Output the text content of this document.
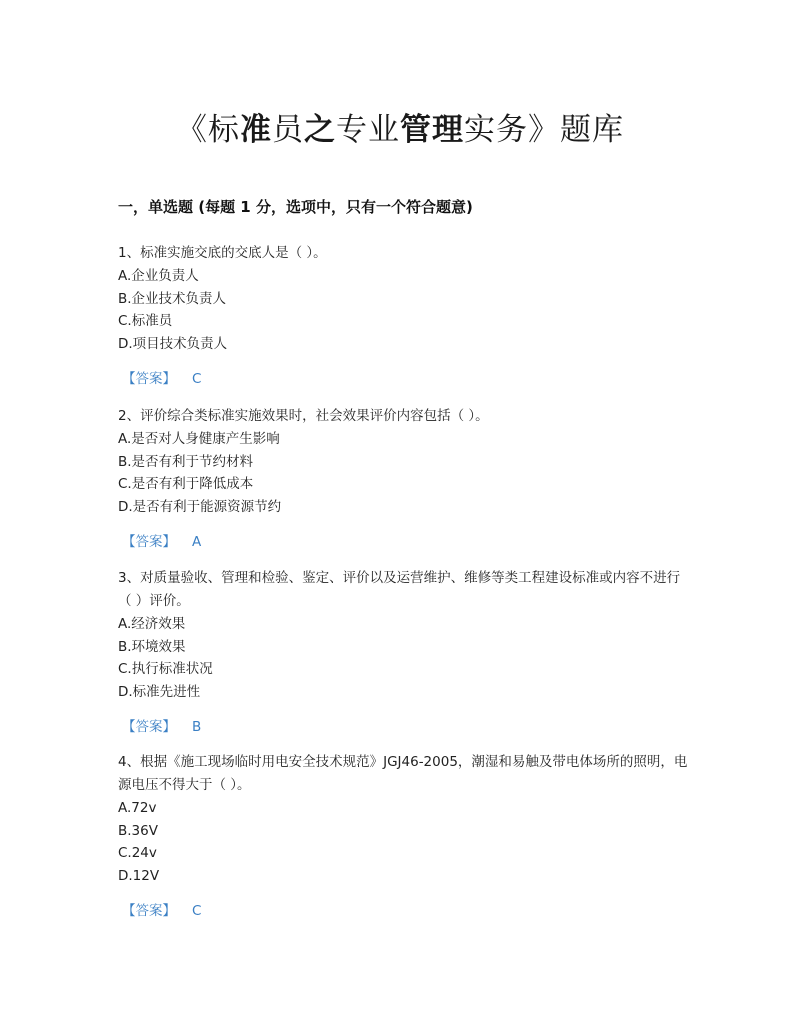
《标准员之专业管理实务》题库
一，单选题 (每题 1 分，选项中，只有一个符合题意)

1、标准实施交底的交底人是（ ）。

A.企业负责人
B.企业技术负责人
C.标准员
D.项目技术负责人
【答案】 C

2、评价综合类标准实施效果时，社会效果评价内容包括（ ）。

A.是否对人身健康产生影响
B.是否有利于节约材料
C.是否有利于降低成本
D.是否有利于能源资源节约
【答案】 A

3、对质量验收、管理和检验、鉴定、评价以及运营维护、维修等类工程建设标准或内容不进行（ ）评价。

A.经济效果
B.环境效果
C.执行标准状况
D.标准先进性
【答案】 B

4、根据《施工现场临时用电安全技术规范》JGJ46-2005，潮湿和易触及带电体场所的照明，电源电压不得大于（ ）。

A.72v
B.36V
C.24v
D.12V
【答案】 C
